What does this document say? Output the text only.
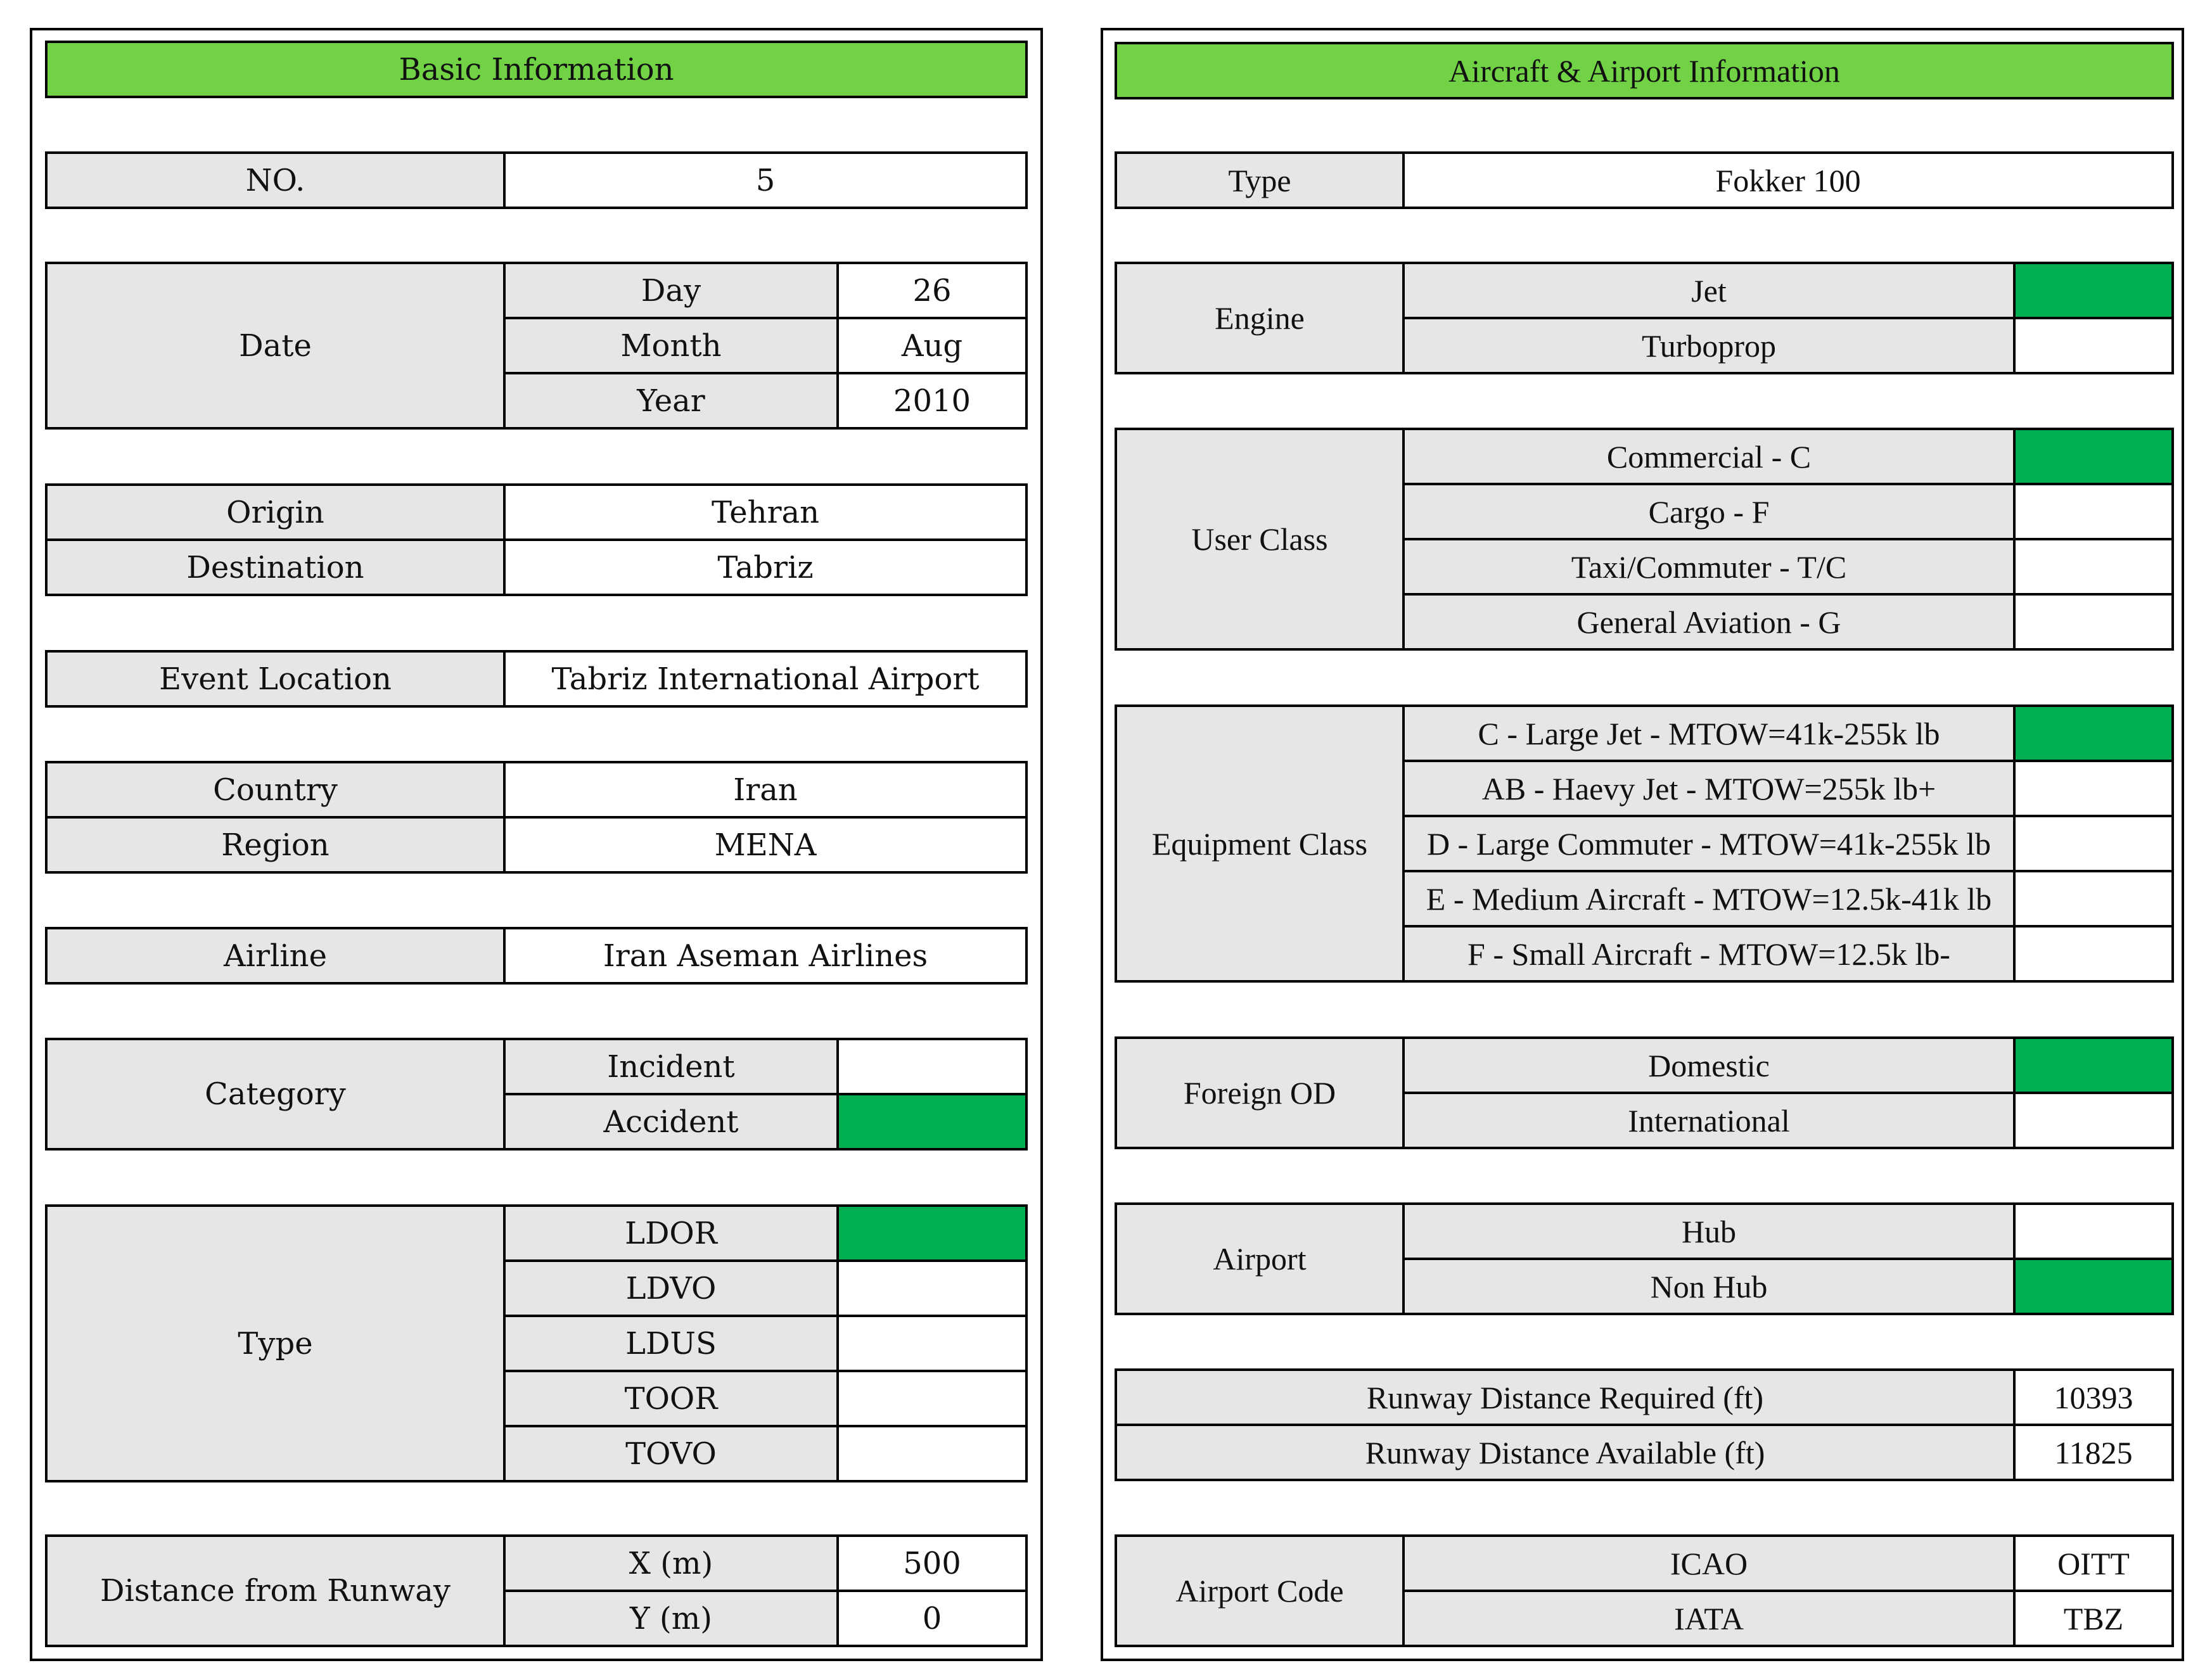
Basic Information
NO.	5
Date	Day	26
	Month	Aug
	Year	2010
Origin	Tehran
Destination	Tabriz
Event Location	Tabriz International Airport
Country	Iran
Region	MENA
Airline	Iran Aseman Airlines
Category	Incident	
	Accident	
Type	LDOR	
	LDVO	
	LDUS	
	TOOR	
	TOVO	
Distance from Runway	X (m)	500
	Y (m)	0
Aircraft & Airport Information
Type	Fokker 100
Engine	Jet	
	Turboprop	
User Class	Commercial - C	
	Cargo - F	
	Taxi/Commuter - T/C	
	General Aviation - G	
Equipment Class	C - Large Jet - MTOW=41k-255k lb	
	AB - Haevy Jet - MTOW=255k lb+	
	D - Large Commuter - MTOW=41k-255k lb	
	E - Medium Aircraft - MTOW=12.5k-41k lb	
	F - Small Aircraft - MTOW=12.5k lb-	
Foreign OD	Domestic	
	International	
Airport	Hub	
	Non Hub	
Runway Distance Required (ft)	10393
Runway Distance Available (ft)	11825
Airport Code	ICAO	OITT
	IATA	TBZ
